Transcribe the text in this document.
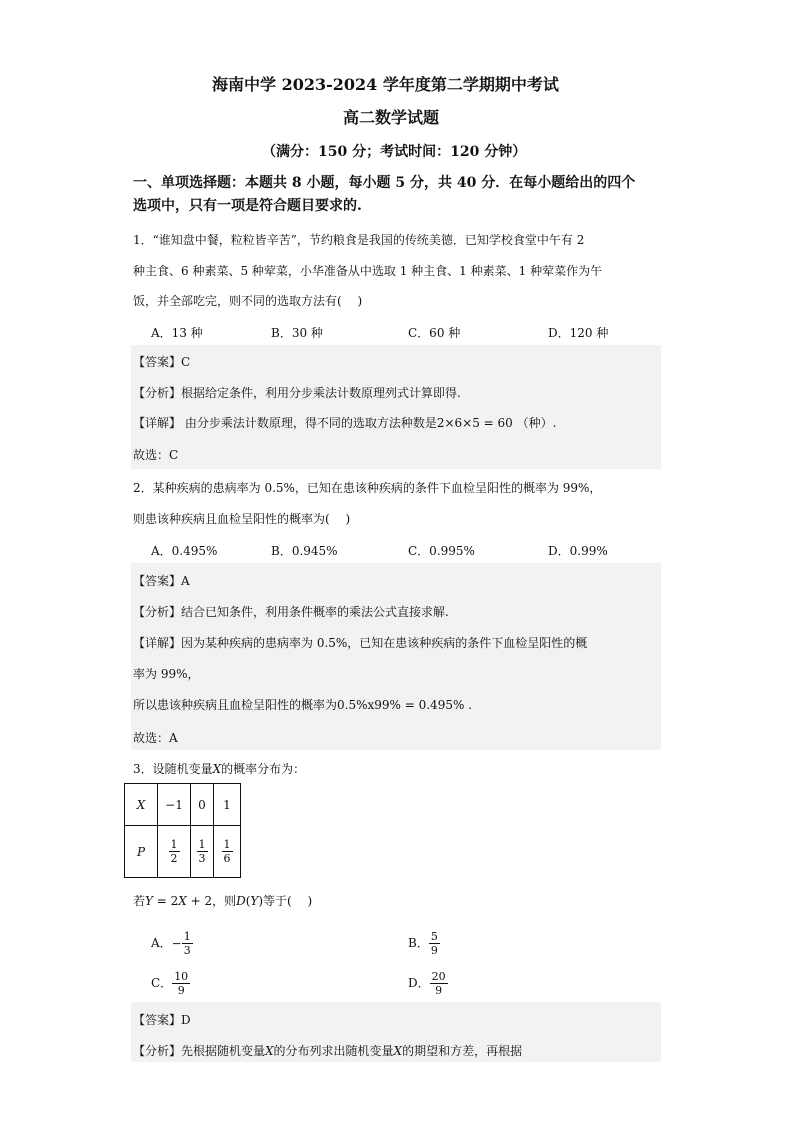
海南中学 2023-2024 学年度第二学期期中考试
高二数学试题
（满分：150 分；考试时间：120 分钟）
一、单项选择题：本题共 8 小题，每小题 5 分，共 40 分．在每小题给出的四个
选项中，只有一项是符合题目要求的.
1．“谁知盘中餐，粒粒皆辛苦”，节约粮食是我国的传统美德．已知学校食堂中午有 2
种主食、6 种素菜、5 种荤菜，小华准备从中选取 1 种主食、1 种素菜、1 种荤菜作为午
饭，并全部吃完，则不同的选取方法有(　 )
A．13 种	B．30 种	C．60 种	D．120 种
【答案】C
【分析】根据给定条件，利用分步乘法计数原理列式计算即得.
【详解】 由分步乘法计数原理，得不同的选取方法种数是2×6×5 = 60 （种）.
故选：C
2．某种疾病的患病率为 0.5%，已知在患该种疾病的条件下血检呈阳性的概率为 99%，
则患该种疾病且血检呈阳性的概率为(　 )
A．0.495%	B．0.945%	C．0.995%	D．0.99%
【答案】A
【分析】结合已知条件，利用条件概率的乘法公式直接求解.
【详解】因为某种疾病的患病率为 0.5%，已知在患该种疾病的条件下血检呈阳性的概
率为 99%，
所以患该种疾病且血检呈阳性的概率为0.5%x99% = 0.495% .
故选：A
3．设随机变量𝑋的概率分布为：
𝑋	−1	0	1
𝑃	$\frac{1}{2}$	$\frac{1}{3}$	$\frac{1}{6}$
若𝑌 = 2𝑋 + 2，则𝐷(𝑌)等于(　 )
A．− $\frac{1}{3}$	B． $\frac{5}{9}$
C． $\frac{10}{9}$	D． $\frac{20}{9}$
【答案】D
【分析】先根据随机变量𝑋的分布列求出随机变量𝑋的期望和方差，再根据
